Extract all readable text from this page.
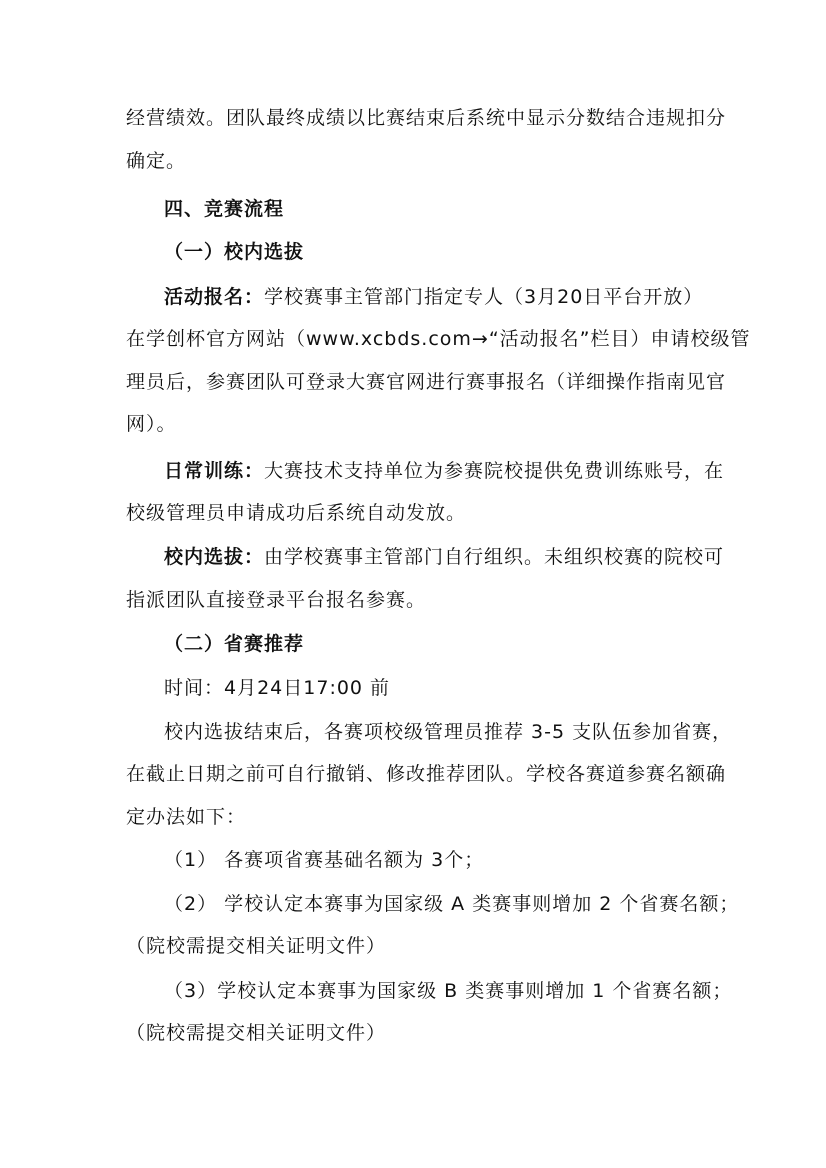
经营绩效。团队最终成绩以比赛结束后系统中显示分数结合违规扣分
确定。
四、竞赛流程
（一）校内选拔
活动报名：学校赛事主管部门指定专人（3月20日平台开放）
在学创杯官方网站（www.xcbds.com→“活动报名”栏目）申请校级管
理员后，参赛团队可登录大赛官网进行赛事报名（详细操作指南见官
网）。
日常训练：大赛技术支持单位为参赛院校提供免费训练账号，在
校级管理员申请成功后系统自动发放。
校内选拔：由学校赛事主管部门自行组织。未组织校赛的院校可
指派团队直接登录平台报名参赛。
（二）省赛推荐
时间：4月24日17:00 前
校内选拔结束后，各赛项校级管理员推荐 3-5 支队伍参加省赛，
在截止日期之前可自行撤销、修改推荐团队。学校各赛道参赛名额确
定办法如下：
（1） 各赛项省赛基础名额为 3个；
（2） 学校认定本赛事为国家级 A 类赛事则增加 2 个省赛名额；
（院校需提交相关证明文件）
（3）学校认定本赛事为国家级 B 类赛事则增加 1 个省赛名额；
（院校需提交相关证明文件）
